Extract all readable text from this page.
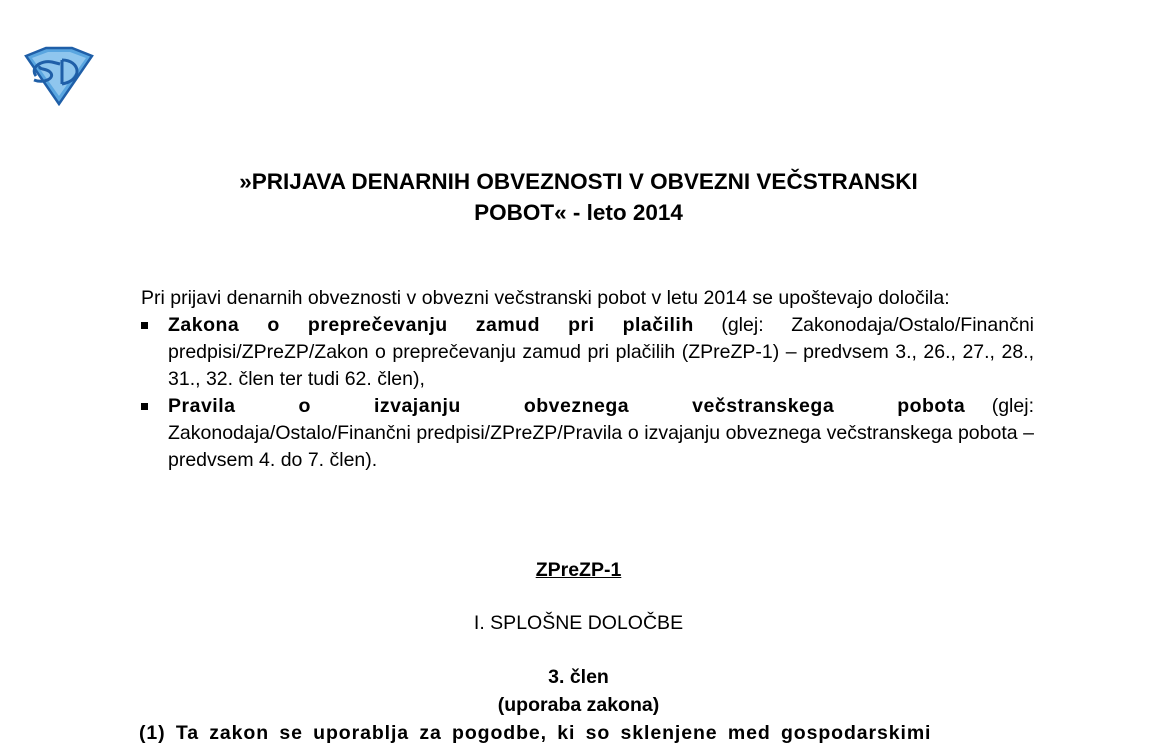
SD
»PRIJAVA DENARNIH OBVEZNOSTI V OBVEZNI VEČSTRANSKI
POBOT« - leto 2014

Pri prijavi denarnih obveznosti v obvezni večstranski pobot v letu 2014 se upoštevajo določila:

Zakona o preprečevanju zamud pri plačilih (glej: Zakonodaja/Ostalo/Finančni predpisi/ZPreZP/Zakon o preprečevanju zamud pri plačilih (ZPreZP-1) – predvsem 3., 26., 27., 28., 31., 32. člen ter tudi 62. člen),
Pravila o izvajanju obveznega večstranskega pobota (glej: Zakonodaja/Ostalo/Finančni predpisi/ZPreZP/Pravila o izvajanju obveznega večstranskega pobota – predvsem 4. do 7. člen).
ZPreZP-1
I. SPLOŠNE DOLOČBE
3. člen
(uporaba zakona)
(1) Ta zakon se uporablja za pogodbe, ki so sklenjene med gospodarskimi
